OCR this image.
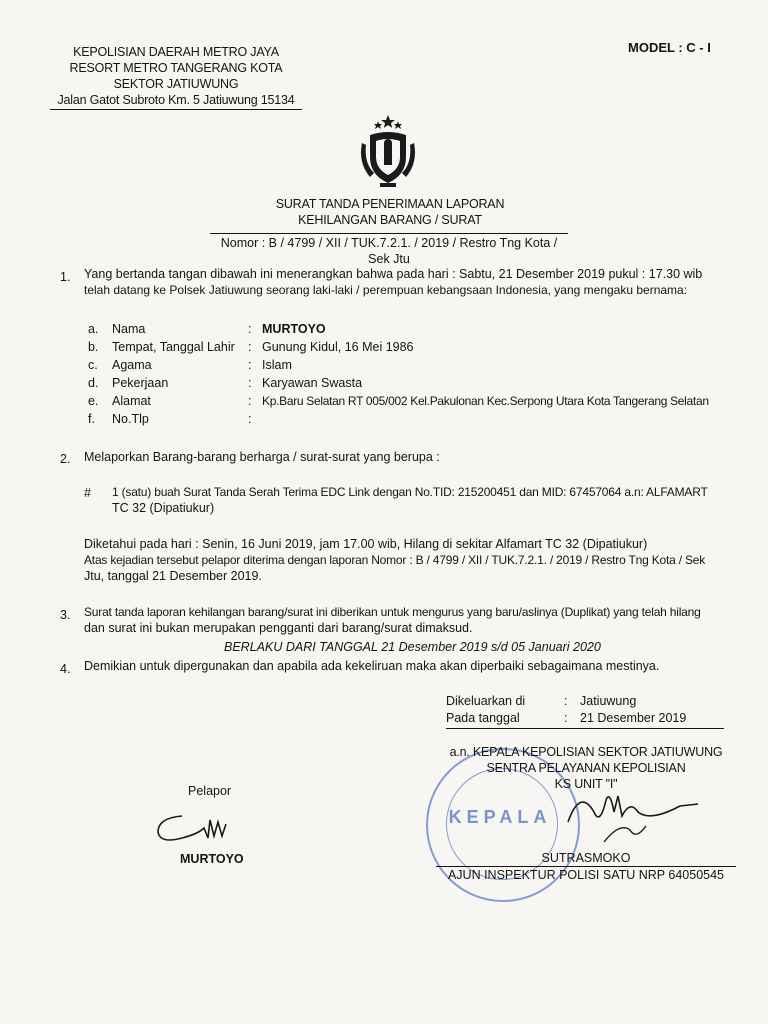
KEPOLISIAN DAERAH METRO JAYA
RESORT METRO TANGERANG KOTA
SEKTOR JATIUWUNG
Jalan Gatot Subroto Km. 5 Jatiuwung 15134
MODEL : C - I
SURAT TANDA PENERIMAAN LAPORAN
KEHILANGAN BARANG / SURAT
Nomor : B / 4799 / XII / TUK.7.2.1. / 2019 / Restro Tng Kota / Sek Jtu
1. Yang bertanda tangan dibawah ini menerangkan bahwa pada hari : Sabtu, 21 Desember 2019 pukul : 17.30 wib

telah datang ke Polsek Jatiuwung seorang laki-laki / perempuan kebangsaan Indonesia, yang mengaku bernama:

a.	Nama	: MURTOYO
b.	Tempat, Tanggal Lahir	: Gunung Kidul, 16 Mei 1986
c.	Agama	: Islam
d.	Pekerjaan	: Karyawan Swasta
e.	Alamat	: Kp.Baru Selatan RT 005/002 Kel.Pakulonan Kec.Serpong Utara Kota Tangerang Selatan
f.	No.Tlp	:
2. Melaporkan Barang-barang berharga / surat-surat yang berupa :
# 1 (satu) buah Surat Tanda Serah Terima EDC Link dengan No.TID: 215200451 dan MID: 67457064 a.n: ALFAMART

TC 32 (Dipatiukur)

Diketahui pada hari : Senin, 16 Juni 2019, jam 17.00 wib, Hilang di sekitar Alfamart TC 32 (Dipatiukur)

Atas kejadian tersebut pelapor diterima dengan laporan Nomor : B / 4799 / XII / TUK.7.2.1. / 2019 / Restro Tng Kota / Sek

Jtu, tanggal 21 Desember 2019.

3. Surat tanda laporan kehilangan barang/surat ini diberikan untuk mengurus yang baru/aslinya (Duplikat) yang telah hilang

dan surat ini bukan merupakan pengganti dari barang/surat dimaksud.

BERLAKU DARI TANGGAL 21 Desember 2019 s/d 05 Januari 2020
4. Demikian untuk dipergunakan dan apabila ada kekeliruan maka akan diperbaiki sebagaimana mestinya.
Dikeluarkan di	:	Jatiuwung
Pada tanggal	:	21 Desember 2019
KEPALA
a.n. KEPALA KEPOLISIAN SEKTOR JATIUWUNG
SENTRA PELAYANAN KEPOLISIAN
KS UNIT "I"
SUTRASMOKO
AJUN INSPEKTUR POLISI SATU NRP 64050545
Pelapor
MURTOYO
